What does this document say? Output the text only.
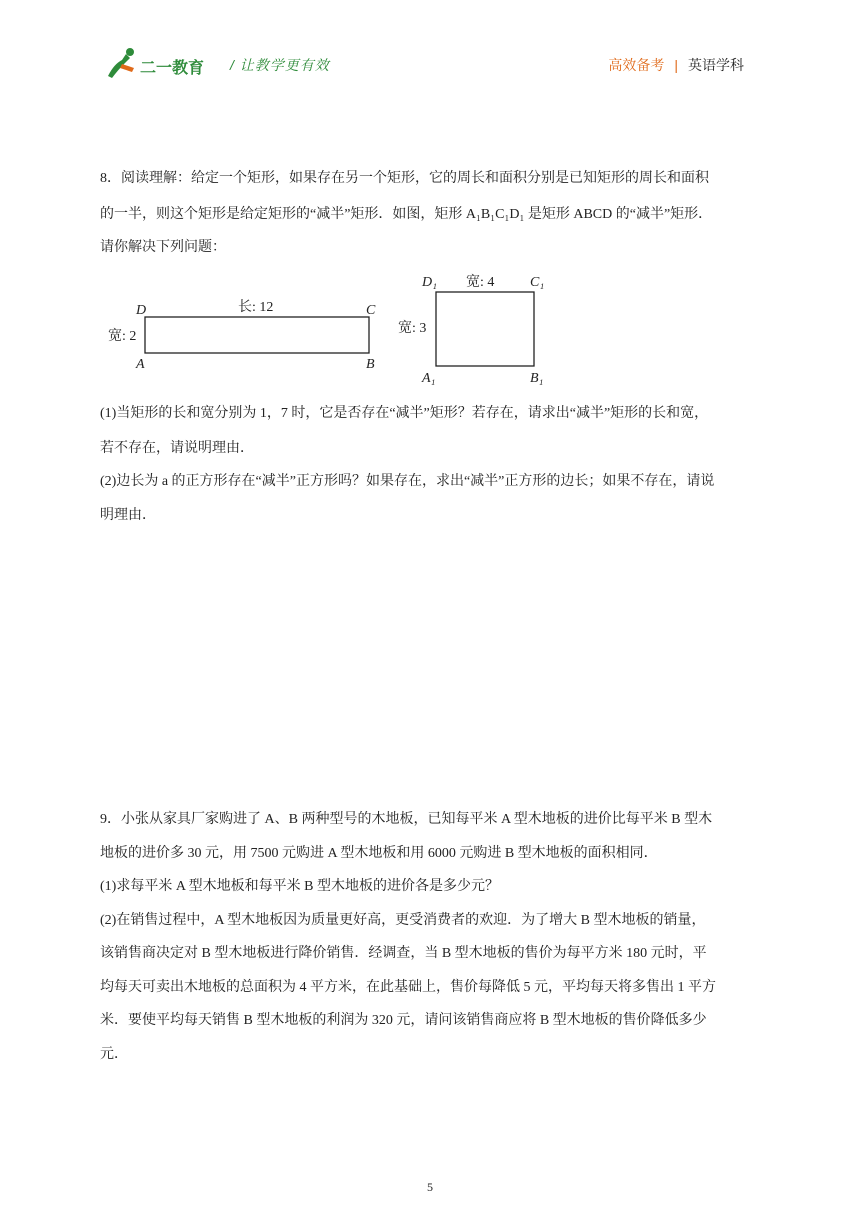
二一教育 / 让教学更有效	高效备考 | 英语学科
8．阅读理解：给定一个矩形，如果存在另一个矩形，它的周长和面积分别是已知矩形的周长和面积
的一半，则这个矩形是给定矩形的“减半”矩形．如图，矩形 A₁B₁C₁D₁ 是矩形 ABCD 的“减半”矩形．
请你解决下列问题：
D	C
A	B
长: 12
宽: 2
D₁	C₁
A₁	B₁
宽: 4
宽: 3
(1)当矩形的长和宽分别为 1，7 时，它是否存在“减半”矩形？若存在，请求出“减半”矩形的长和宽，
若不存在，请说明理由．
(2)边长为 a 的正方形存在“减半”正方形吗？如果存在，求出“减半”正方形的边长；如果不存在，请说
明理由．
9．小张从家具厂家购进了 A、B 两种型号的木地板，已知每平米 A 型木地板的进价比每平米 B 型木
地板的进价多 30 元，用 7500 元购进 A 型木地板和用 6000 元购进 B 型木地板的面积相同．
(1)求每平米 A 型木地板和每平米 B 型木地板的进价各是多少元？
(2)在销售过程中，A 型木地板因为质量更好高，更受消费者的欢迎．为了增大 B 型木地板的销量，
该销售商决定对 B 型木地板进行降价销售．经调查，当 B 型木地板的售价为每平方米 180 元时，平
均每天可卖出木地板的总面积为 4 平方米，在此基础上，售价每降低 5 元，平均每天将多售出 1 平方
米．要使平均每天销售 B 型木地板的利润为 320 元，请问该销售商应将 B 型木地板的售价降低多少
元．
5
